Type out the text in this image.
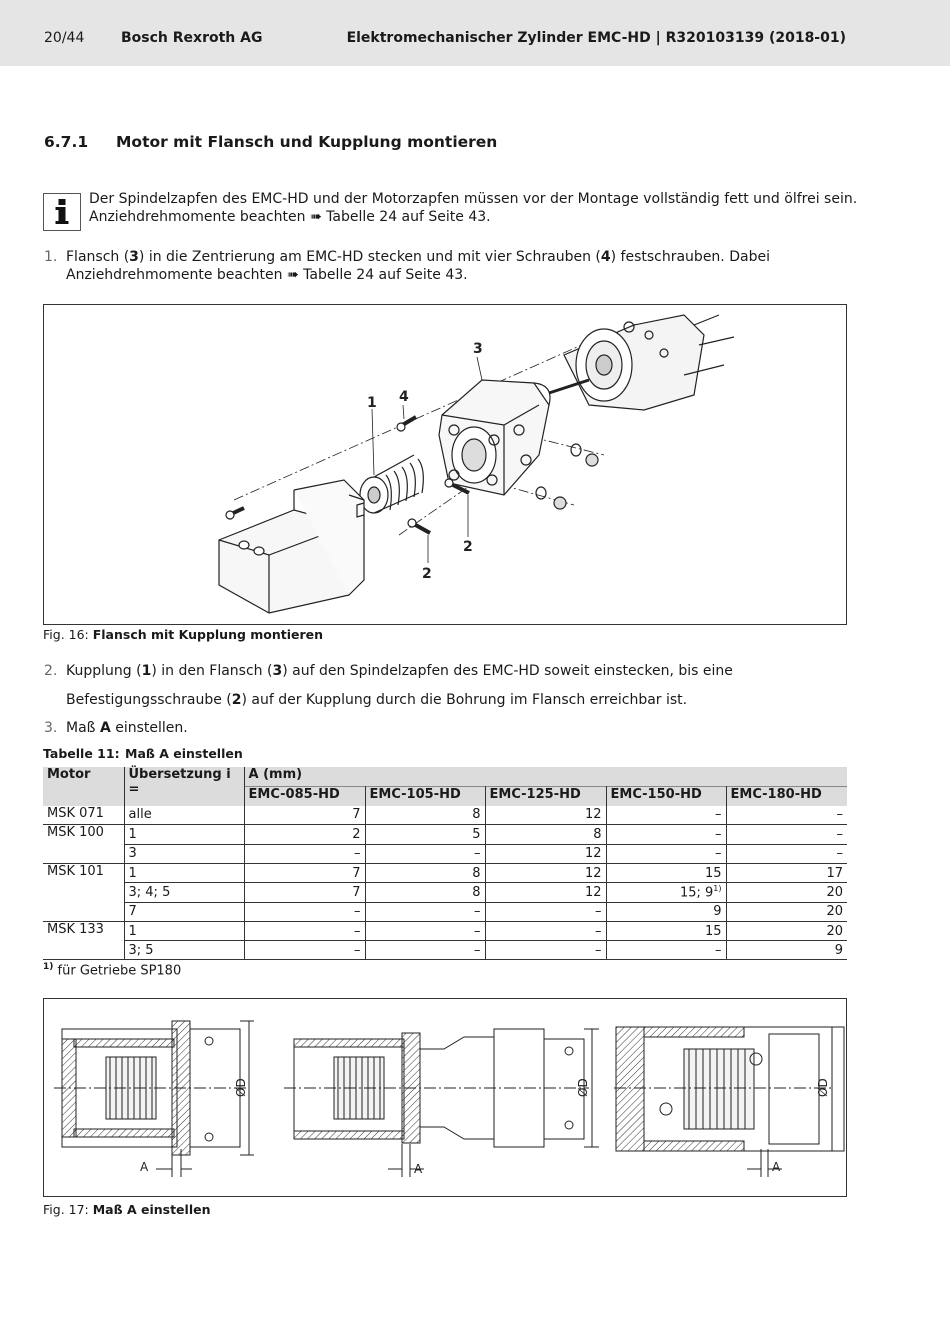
20/44	Bosch Rexroth AG	Elektromechanischer Zylinder EMC-HD | R320103139 (2018-01)
6.7.1 Motor mit Flansch und Kupplung montieren
Der Spindelzapfen des EMC-HD und der Motorzapfen müssen vor der Montage vollständig fett und ölfrei sein.
Anziehdrehmomente beachten ➠ Tabelle 24 auf Seite 43.
1. Flansch (3) in die Zentrierung am EMC-HD stecken und mit vier Schrauben (4) festschrauben. Dabei
Anziehdrehmomente beachten ➠ Tabelle 24 auf Seite 43.
1 4
3
2
2
Fig. 16: Flansch mit Kupplung montieren
2. Kupplung (1) in den Flansch (3) auf den Spindelzapfen des EMC-HD soweit einstecken, bis eine
Befestigungsschraube (2) auf der Kupplung durch die Bohrung im Flansch erreichbar ist.
3. Maß A einstellen.
Tabelle 11: Maß A einstellen
Motor	Übersetzung i =	A (mm)				
		EMC-085-HD	EMC-105-HD	EMC-125-HD	EMC-150-HD	EMC-180-HD
MSK 071	alle	7	8	12	–	–
MSK 100	1	2	5	8	–	–
	3	–	–	12	–	–
MSK 101	1	7	8	12	15	17
	3; 4; 5	7	8	12	15; 9$^{1)}$	20
	7	–	–	–	9	20
MSK 133	1	–	–	–	15	20
	3; 5	–	–	–	–	9
$^{1)}$ für Getriebe SP180
A	A	A
ØD	ØD	ØD
Fig. 17: Maß A einstellen
